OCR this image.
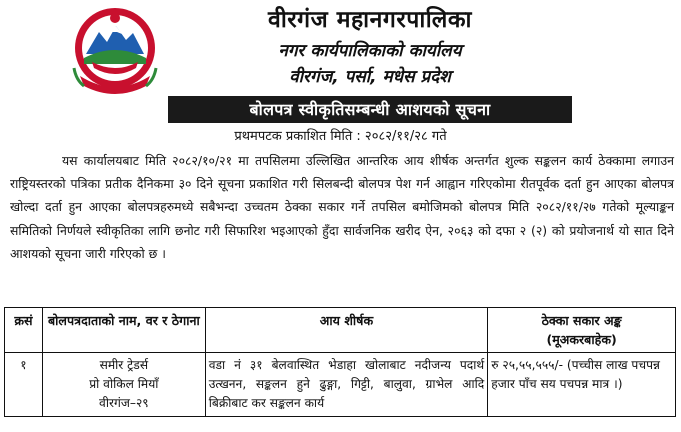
वीरगंज महानगरपालिका
नगर कार्यपालिकाको कार्यालय
वीरगंज, पर्सा, मधेस प्रदेश
बोलपत्र स्वीकृतिसम्बन्धी आशयको सूचना
प्रथमपटक प्रकाशित मिति : २०८२/११/२८ गते

यस कार्यालयबाट मिति २०८२/१०/२१ मा तपसिलमा उल्लिखित आन्तरिक आय शीर्षक अन्तर्गत शुल्क सङ्कलन कार्य ठेक्कामा लगाउन राष्ट्रियस्तरको पत्रिका प्रतीक दैनिकमा ३० दिने सूचना प्रकाशित गरी सिलबन्दी बोलपत्र पेश गर्न आह्वान गरिएकोमा रीतपूर्वक दर्ता हुन आएका बोलपत्र खोल्दा दर्ता हुन आएका बोलपत्रहरुमध्ये सबैभन्दा उच्चतम ठेक्का सकार गर्ने तपसिल बमोजिमको बोलपत्र मिति २०८२/११/२७ गतेको मूल्याङ्कन समितिको निर्णयले स्वीकृतिका लागि छनोट गरी सिफारिश भइआएको हुँदा सार्वजनिक खरीद ऐन, २०६३ को दफा २ (२) को प्रयोजनार्थ यो सात दिने आशयको सूचना जारी गरिएको छ ।

क्रसं	बोलपत्रदाताको नाम, वर र ठेगाना	आय शीर्षक	ठेक्का सकार अङ्क
(मूअकरबाहेक)

१	समीर ट्रेडर्स
प्रो वोकिल मियाँ
वीरगंज–२९	वडा नं ३१ बेलवास्थित भेडाहा खोलाबाट नदीजन्य पदार्थ उत्खनन, सङ्कलन हुने ढुङ्गा, गिट्टी, बालुवा, ग्राभेल आदि बिक्रीबाट कर सङ्कलन कार्य	रु २५,५५,५५५/- (पच्चीस लाख पचपन्न हजार पाँच सय पचपन्न मात्र ।)
